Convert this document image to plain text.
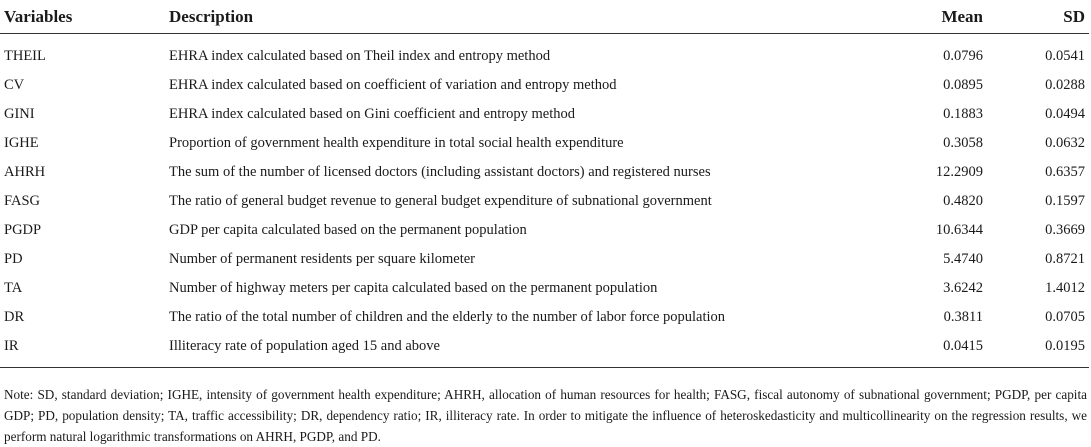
Variables	Description	Mean	SD
THEIL	EHRA index calculated based on Theil index and entropy method	0.0796	0.0541
CV	EHRA index calculated based on coefficient of variation and entropy method	0.0895	0.0288
GINI	EHRA index calculated based on Gini coefficient and entropy method	0.1883	0.0494
IGHE	Proportion of government health expenditure in total social health expenditure	0.3058	0.0632
AHRH	The sum of the number of licensed doctors (including assistant doctors) and registered nurses	12.2909	0.6357
FASG	The ratio of general budget revenue to general budget expenditure of subnational government	0.4820	0.1597
PGDP	GDP per capita calculated based on the permanent population	10.6344	0.3669
PD	Number of permanent residents per square kilometer	5.4740	0.8721
TA	Number of highway meters per capita calculated based on the permanent population	3.6242	1.4012
DR	The ratio of the total number of children and the elderly to the number of labor force population	0.3811	0.0705
IR	Illiteracy rate of population aged 15 and above	0.0415	0.0195
Note: SD, standard deviation; IGHE, intensity of government health expenditure; AHRH, allocation of human resources for health; FASG, fiscal autonomy of subnational government; PGDP, per capita GDP; PD, population density; TA, traffic accessibility; DR, dependency ratio; IR, illiteracy rate. In order to mitigate the influence of heteroskedasticity and multicollinearity on the regression results, we perform natural logarithmic transformations on AHRH, PGDP, and PD.
